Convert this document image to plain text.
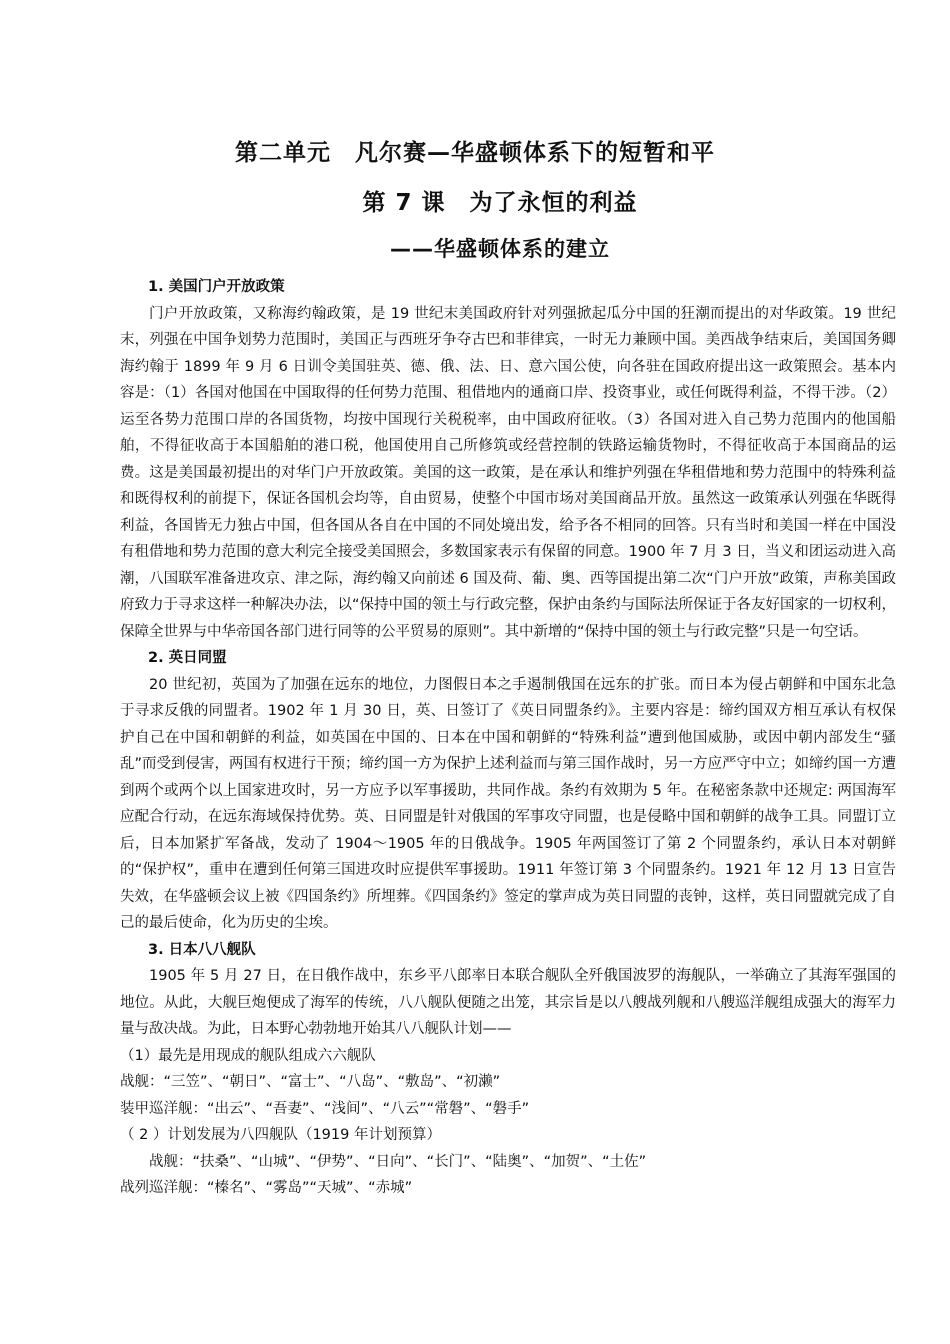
第二单元　凡尔赛—华盛顿体系下的短暂和平
第 7 课　为了永恒的利益
——华盛顿体系的建立

1. 美国门户开放政策

门户开放政策，又称海约翰政策，是 19 世纪末美国政府针对列强掀起瓜分中国的狂潮而提出的对华政策。19 世纪末，列强在中国争划势力范围时，美国正与西班牙争夺古巴和菲律宾，一时无力兼顾中国。美西战争结束后，美国国务卿海约翰于 1899 年 9 月 6 日训令美国驻英、德、俄、法、日、意六国公使，向各驻在国政府提出这一政策照会。基本内容是：（1）各国对他国在中国取得的任何势力范围、租借地内的通商口岸、投资事业，或任何既得利益，不得干涉。（2）运至各势力范围口岸的各国货物，均按中国现行关税税率，由中国政府征收。（3）各国对进入自己势力范围内的他国船舶，不得征收高于本国船舶的港口税，他国使用自己所修筑或经营控制的铁路运输货物时，不得征收高于本国商品的运费。这是美国最初提出的对华门户开放政策。美国的这一政策，是在承认和维护列强在华租借地和势力范围中的特殊利益和既得权利的前提下，保证各国机会均等，自由贸易，使整个中国市场对美国商品开放。虽然这一政策承认列强在华既得利益，各国皆无力独占中国，但各国从各自在中国的不同处境出发，给予各不相同的回答。只有当时和美国一样在中国没有租借地和势力范围的意大利完全接受美国照会，多数国家表示有保留的同意。1900 年 7 月 3 日，当义和团运动进入高潮，八国联军准备进攻京、津之际，海约翰又向前述 6 国及荷、葡、奥、西等国提出第二次“门户开放”政策，声称美国政府致力于寻求这样一种解决办法，以“保持中国的领土与行政完整，保护由条约与国际法所保证于各友好国家的一切权利，保障全世界与中华帝国各部门进行同等的公平贸易的原则”。其中新增的“保持中国的领土与行政完整”只是一句空话。

2. 英日同盟

20 世纪初，英国为了加强在远东的地位，力图假日本之手遏制俄国在远东的扩张。而日本为侵占朝鲜和中国东北急于寻求反俄的同盟者。1902 年 1 月 30 日，英、日签订了《英日同盟条约》。主要内容是：缔约国双方相互承认有权保护自己在中国和朝鲜的利益，如英国在中国的、日本在中国和朝鲜的“特殊利益”遭到他国威胁，或因中朝内部发生“骚乱”而受到侵害，两国有权进行干预；缔约国一方为保护上述利益而与第三国作战时，另一方应严守中立；如缔约国一方遭到两个或两个以上国家进攻时，另一方应予以军事援助，共同作战。条约有效期为 5 年。在秘密条款中还规定: 两国海军应配合行动，在远东海域保持优势。英、日同盟是针对俄国的军事攻守同盟，也是侵略中国和朝鲜的战争工具。同盟订立后，日本加紧扩军备战，发动了 1904～1905 年的日俄战争。1905 年两国签订了第 2 个同盟条约，承认日本对朝鲜的“保护权”，重申在遭到任何第三国进攻时应提供军事援助。1911 年签订第 3 个同盟条约。1921 年 12 月 13 日宣告失效，在华盛顿会议上被《四国条约》所埋葬。《四国条约》签定的掌声成为英日同盟的丧钟，这样，英日同盟就完成了自己的最后使命，化为历史的尘埃。

3. 日本八八舰队

1905 年 5 月 27 日，在日俄作战中，东乡平八郎率日本联合舰队全歼俄国波罗的海舰队，一举确立了其海军强国的地位。从此，大舰巨炮便成了海军的传统，八八舰队便随之出笼，其宗旨是以八艘战列舰和八艘巡洋舰组成强大的海军力量与敌决战。为此，日本野心勃勃地开始其八八舰队计划——

（1）最先是用现成的舰队组成六六舰队

战舰：“三笠”、“朝日”、“富士”、“八岛”、“敷岛”、“初濑”

装甲巡洋舰：“出云”、“吾妻”、“浅间”、“八云”“常磐”、“磐手”

（ 2 ）计划发展为八四舰队（1919 年计划预算）

战舰：“扶桑”、“山城”、“伊势”、“日向”、“长门”、“陆奥”、“加贺”、“土佐”

战列巡洋舰：“榛名”、“雾岛”“天城”、“赤城”
